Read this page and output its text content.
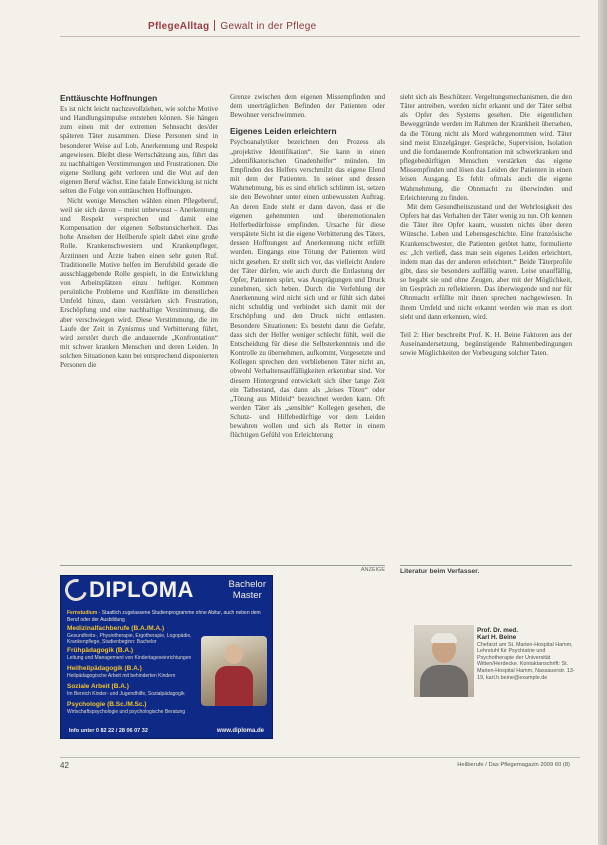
PflegeAlltag Gewalt in der Pflege
Enttäuschte Hoffnungen

Es ist nicht leicht nachzuvollziehen, wie solche Motive und Handlungsimpulse entstehen können. Sie hängen zum einen mit der extremen Sehnsucht des/der späteren Täter zusammen. Diese Personen sind in besonderer Weise auf Lob, Anerkennung und Respekt angewiesen. Bleibt diese Wertschätzung aus, führt das zu nachhaltigen Verstimmungen und Frustrationen. Die eigene Stellung geht verloren und die Wut auf den eigenen Beruf wächst. Eine fatale Entwicklung ist nicht selten die Folge von enttäuschten Hoffnungen.

Nicht wenige Menschen wählen einen Pflegeberuf, weil sie sich davon – meist unbewusst – Anerkennung und Respekt versprechen und damit eine Kompensation der eigenen Selbstunsicherheit. Das hohe Ansehen der Heilberufe spielt dabei eine große Rolle. Krankenschwestern und Krankenpfleger, Ärztinnen und Ärzte haben einen sehr guten Ruf. Traditionelle Motive helfen im Berufsbild gerade die ausschlaggebende Rolle gespielt, in die Entwicklung von Arbeitsplätzen einzu heftiger. Kommen persönliche Probleme und Konflikte im dienstlichen Umfeld hinzu, dann verstärken sich Frustration, Erschöpfung und eine nachhaltige Verstimmung, die aber verschwiegen wird. Diese Verstimmung, die im Laufe der Zeit in Zynismus und Verbitterung führt, wird zerstört durch die andauernde „Konfrontation“ mit schwer kranken Menschen und deren Leiden. In solchen Situationen kann bei entsprechend disponierten Personen die

Grenze zwischen dem eigenen Missempfinden und dem unerträglichen Befinden der Patienten oder Bewohner verschwimmen.

Eigenes Leiden erleichtern

Psychoanalytiker bezeichnen den Prozess als „projektive Identifikation“. Sie kann in einen „identifikatorischen Gnadenhelfer“ münden. Im Empfinden des Helfers verschmilzt das eigene Elend mit dem der Patienten. In seiner und dessen Wahrnehmung, bis es sind ehrlich schlimm ist, setzen sie den Bewohner unter einen unbewussten Auftrag. An deren Ende steht er dann davon, dass er die eigenen gehemmten und überemotionalen Helferbedürfnisse empfinden. Ursache für diese verspätete Sicht ist die eigene Verbitterung des Täters, dessen Hoffnungen auf Anerkennung nicht erfüllt wurden. Eingangs eine Tötung der Patienten wird nicht gesehen. Er stellt sich vor, das vielleicht Andere der Täter dürfen, wie auch durch die Entlastung der Opfer, Patienten spürt, was Ausprägungen und Druck zunehmen, sich heben. Durch die Verfehlung der Anerkennung wird nicht sich und er fühlt sich dabei nicht schuldig und verbindet sich damit mit der Erschöpfung und den Druck nicht entlasten. Besondere Situationen: Es besteht dann die Gefahr, dass sich der Helfer weniger schlecht fühlt, weil die Entscheidung für diese die Selbsterkenntnis und die Kontrolle zu übernehmen, aufkommt, Vorgesetzte und Kollegen sprechen den verbliebenen Täter nicht an, obwohl Verhaltensauffälligkeiten erkennbar sind. Vor diesem Hintergrund entwickelt sich über lange Zeit ein Tatbestand, das dann als „leises Töten“ oder „Tötung aus Mitleid“ bezeichnet werden kann. Oft werden Täter als „sensible“ Kollegen gesehen, die Schutz- und Hilfebedürftige vor dem Leiden bewahren wollen und sich als Retter in einem flüchtigen Gefühl von Erleichterung

sieht sich als Beschützer. Vergeltungsmechanismen, die den Täter antreiben, werden nicht erkannt und der Täter selbst als Opfer des Systems gesehen. Die eigentlichen Beweggründe werden im Rahmen der Krankheit übersehen, da die Tötung nicht als Mord wahrgenommen wird. Täter sind meist Einzelgänger. Gespräche, Supervision, Isolation und die fortdauernde Konfrontation mit schwerkranken und pflegebedürftigen Menschen verstärken das eigene Missempfinden und lösen das Leiden der Patienten in einen leisen Ausgang. Es fehlt oftmals auch die eigene Wahrnehmung, die Ohnmacht zu überwinden und Erleichterung zu finden.

Mit dem Gesundheitszustand und der Wehrlosigkeit des Opfers hat das Verhalten der Täter wenig zu tun. Oft kennen die Täter ihre Opfer kaum, wussten nichts über deren Wünsche. Leben und Lebensgeschichte. Eine französische Krankenschwester, die Patienten getötet hatte, formulierte es: „Ich verließ, dass man sein eigenes Leiden erleichtert, indem man das der anderen erleichtert.“ Beide Täterprofile gibt, dass sie besonders auffällig waren. Leise unauffällig, so begabt sie und ohne Zeugen, aber mit der Möglichkeit, im Gespräch zu reflektieren. Das überwiegende und nur für Ohnmacht erfüllte mit ihnen sprechen nachgewiesen. In ihrem Umfeld und nicht erkannt werden wie man es dort sieht und dann erkennen, wird.

Teil 2: Hier beschreibt Prof. K. H. Beine Faktoren aus der Auseinandersetzung, begünstigende Rahmenbedingungen sowie Möglichkeiten der Vorbeugung solcher Taten.

ANZEIGE
DIPLOMA	Bachelor
Master
Fernstudium - Staatlich zugelassene Studienprogramme ohne Abitur, auch neben dem Beruf oder der Ausbildung
Medizinalfachberufe (B.A./M.A.)
Gesundheits-, Physiotherapie, Ergotherapie, Logopädie, Krankenpflege, Studienbeginn: Bachelor
Frühpädagogik (B.A.)
Leitung und Management von Kindertageseinrichtungen
Heilheilpädagogik (B.A.)
Heilpädagogische Arbeit mit behinderten Kindern
Soziale Arbeit (B.A.)
Im Bereich Kinder- und Jugendhilfe, Sozialpädagogik
Psychologie (B.Sc./M.Sc.)
Wirtschaftspsychologie und psychologische Beratung
Info unter 0 82 22 / 28 06 07 32	www.diploma.de
Literatur beim Verfasser.
Prof. Dr. med.
Karl H. Beine
Chefarzt am St. Marien-Hospital Hamm, Lehrstuhl für Psychiatrie und Psychotherapie der Universität Witten/Herdecke. Kontaktanschrift: St. Marien-Hospital Hamm, Nassauerstr. 13-19, karl.h.beine@example.de
42	Heilberufe / Das Pflegemagazin 2009 60 (8)
